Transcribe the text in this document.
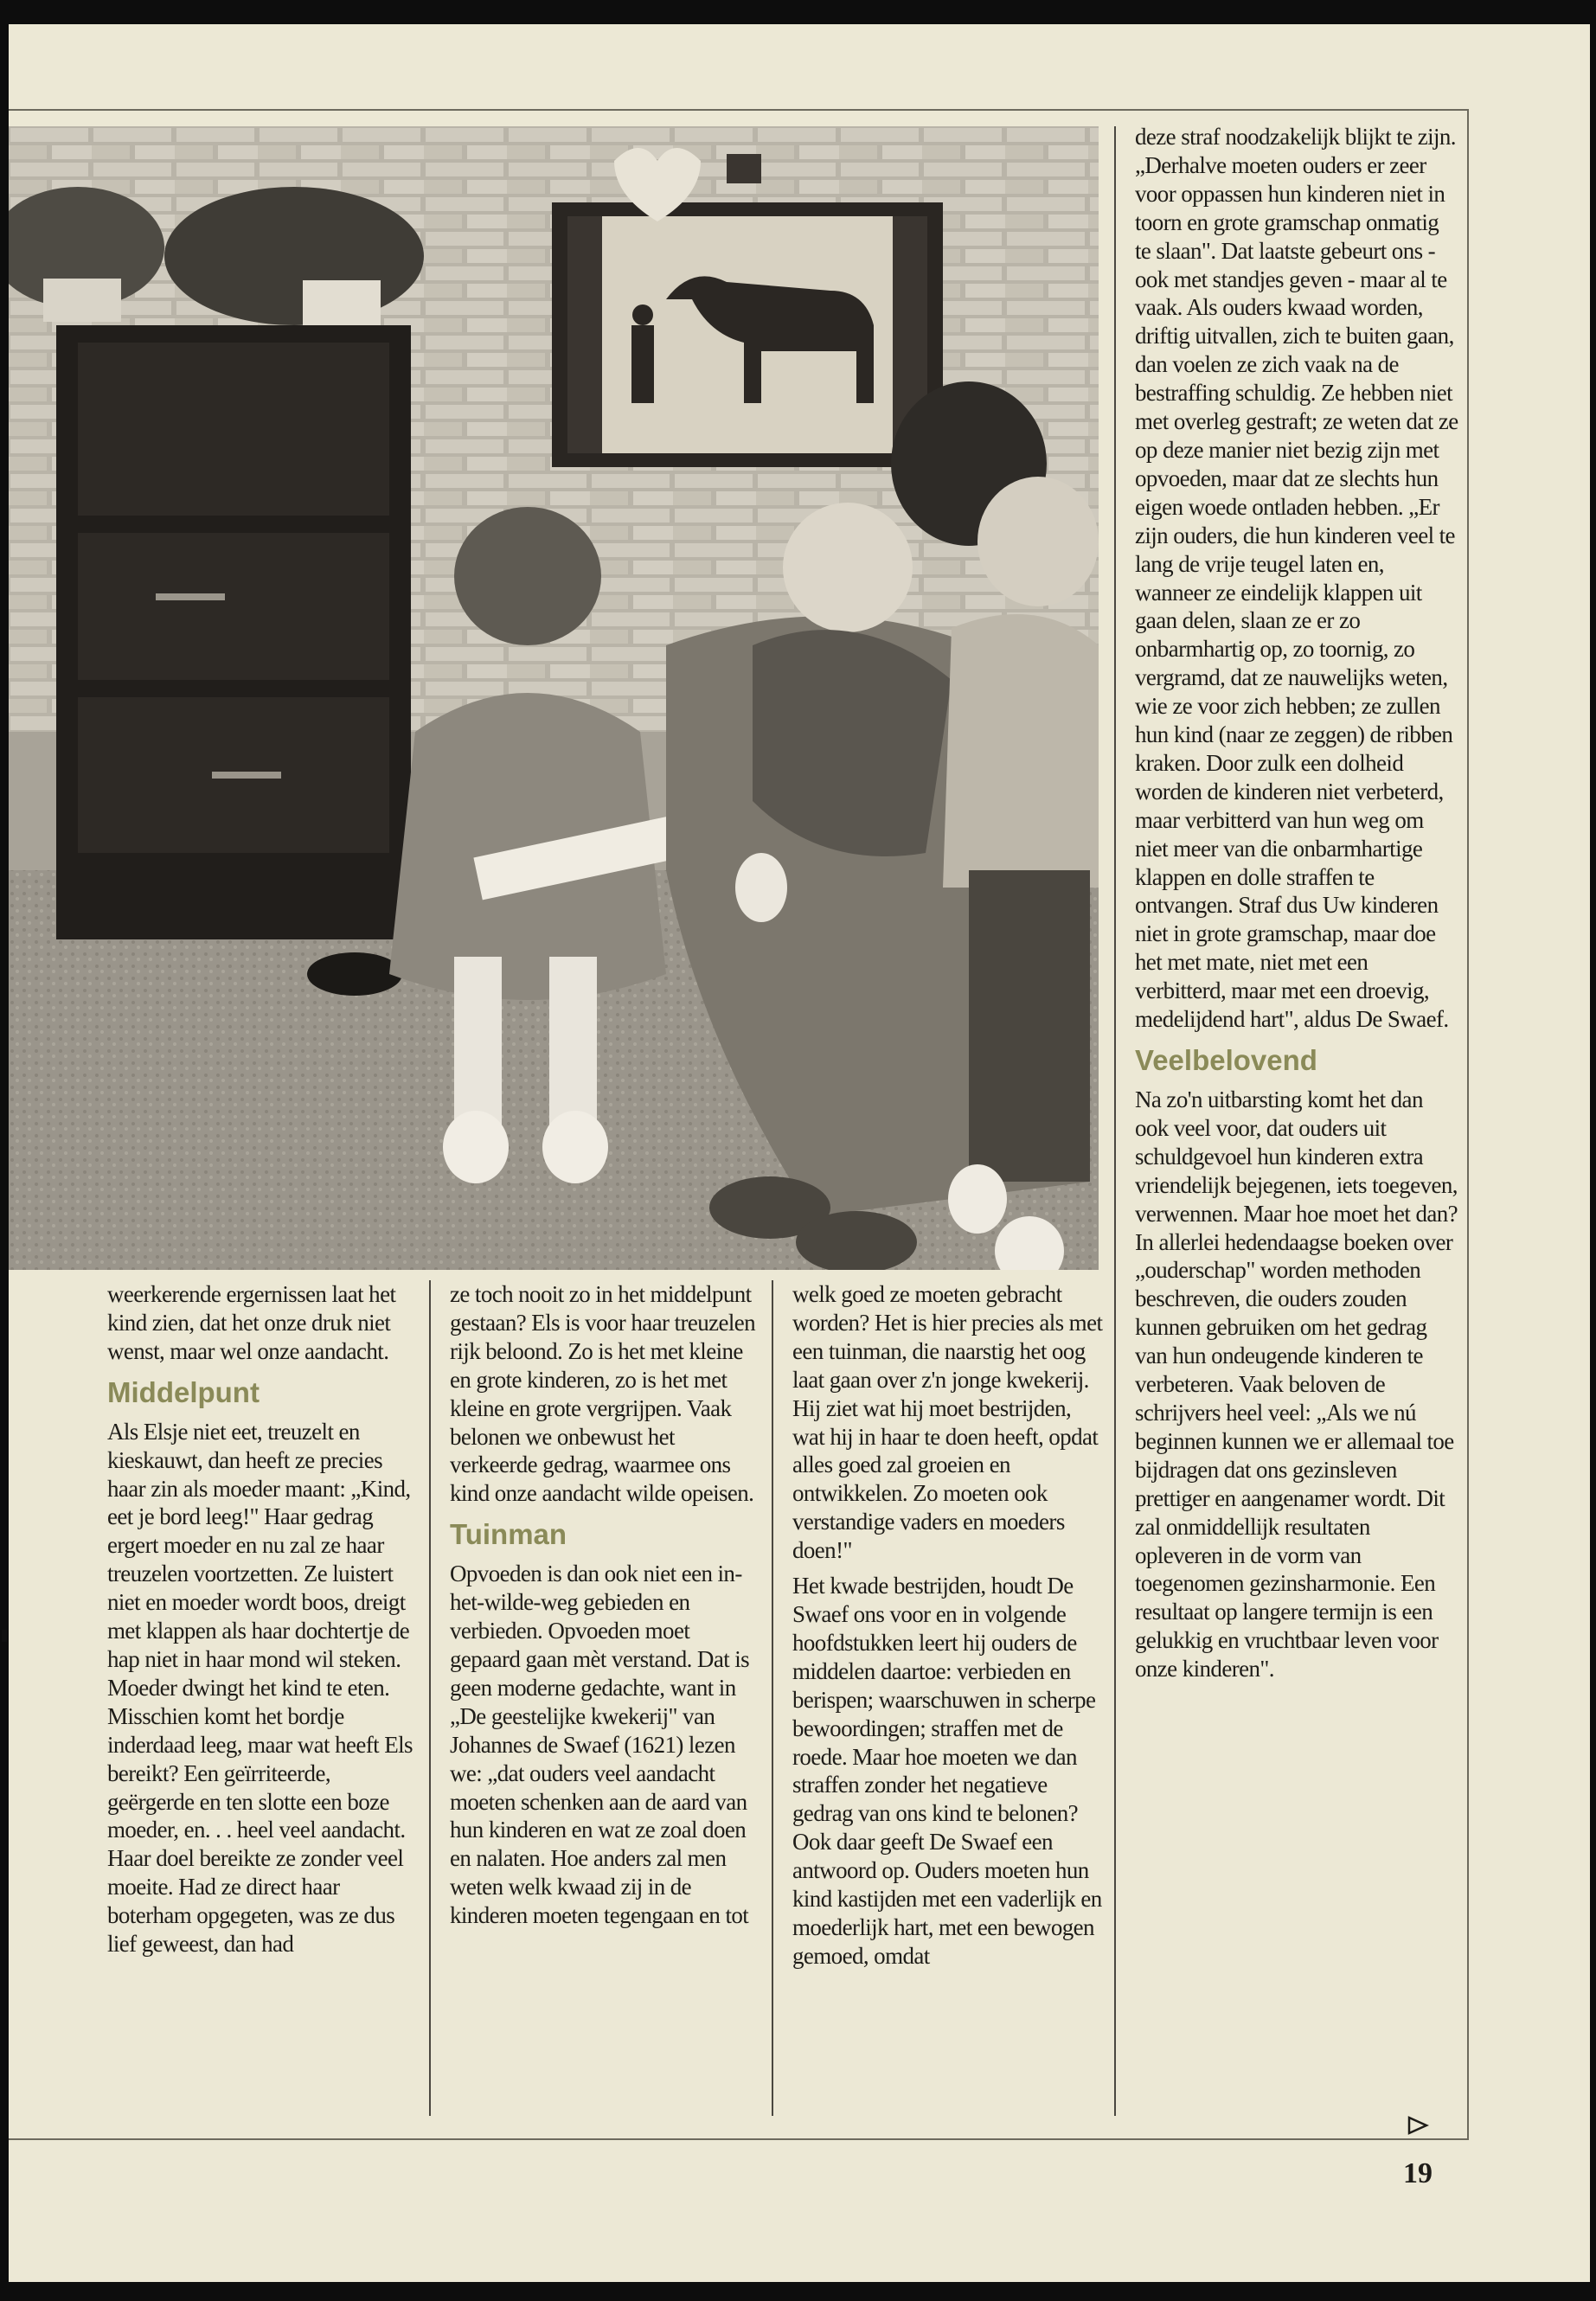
weerkerende ergernissen laat het kind zien, dat het onze druk niet wenst, maar wel onze aandacht.

Middelpunt

Als Elsje niet eet, treuzelt en kieskauwt, dan heeft ze precies haar zin als moeder maant: „Kind, eet je bord leeg!" Haar gedrag ergert moeder en nu zal ze haar treuzelen voortzetten. Ze luistert niet en moeder wordt boos, dreigt met klappen als haar dochtertje de hap niet in haar mond wil steken. Moeder dwingt het kind te eten. Misschien komt het bordje inderdaad leeg, maar wat heeft Els bereikt? Een geïrriteerde, geërgerde en ten slotte een boze moeder, en. . . heel veel aandacht. Haar doel bereikte ze zonder veel moeite. Had ze direct haar boterham opgegeten, was ze dus lief geweest, dan had

ze toch nooit zo in het middelpunt gestaan? Els is voor haar treuzelen rijk beloond. Zo is het met kleine en grote kinderen, zo is het met kleine en grote vergrijpen. Vaak belonen we onbewust het verkeerde gedrag, waarmee ons kind onze aandacht wilde opeisen.

Tuinman

Opvoeden is dan ook niet een in-het-wilde-weg gebieden en verbieden. Opvoeden moet gepaard gaan mèt verstand. Dat is geen moderne gedachte, want in „De geestelijke kwekerij" van Johannes de Swaef (1621) lezen we: „dat ouders veel aandacht moeten schenken aan de aard van hun kinderen en wat ze zoal doen en nalaten. Hoe anders zal men weten welk kwaad zij in de kinderen moeten tegengaan en tot

welk goed ze moeten gebracht worden? Het is hier precies als met een tuinman, die naarstig het oog laat gaan over z'n jonge kwekerij. Hij ziet wat hij moet bestrijden, wat hij in haar te doen heeft, opdat alles goed zal groeien en ontwikkelen. Zo moeten ook verstandige vaders en moeders doen!"

Het kwade bestrijden, houdt De Swaef ons voor en in volgende hoofdstukken leert hij ouders de middelen daartoe: verbieden en berispen; waarschuwen in scherpe bewoordingen; straffen met de roede. Maar hoe moeten we dan straffen zonder het negatieve gedrag van ons kind te belonen? Ook daar geeft De Swaef een antwoord op. Ouders moeten hun kind kastijden met een vaderlijk en moederlijk hart, met een bewogen gemoed, omdat

deze straf noodzakelijk blijkt te zijn. „Derhalve moeten ouders er zeer voor oppassen hun kinderen niet in toorn en grote gramschap onmatig te slaan". Dat laatste gebeurt ons - ook met standjes geven - maar al te vaak. Als ouders kwaad worden, driftig uitvallen, zich te buiten gaan, dan voelen ze zich vaak na de bestraffing schuldig. Ze hebben niet met overleg gestraft; ze weten dat ze op deze manier niet bezig zijn met opvoeden, maar dat ze slechts hun eigen woede ontladen hebben. „Er zijn ouders, die hun kinderen veel te lang de vrije teugel laten en, wanneer ze eindelijk klappen uit gaan delen, slaan ze er zo onbarmhartig op, zo toornig, zo vergramd, dat ze nauwelijks weten, wie ze voor zich hebben; ze zullen hun kind (naar ze zeggen) de ribben kraken. Door zulk een dolheid worden de kinderen niet verbeterd, maar verbitterd van hun weg om niet meer van die onbarmhartige klappen en dolle straffen te ontvangen. Straf dus Uw kinderen niet in grote gramschap, maar doe het met mate, niet met een verbitterd, maar met een droevig, medelijdend hart", aldus De Swaef.

Veelbelovend

Na zo'n uitbarsting komt het dan ook veel voor, dat ouders uit schuldgevoel hun kinderen extra vriendelijk bejegenen, iets toegeven, verwennen. Maar hoe moet het dan? In allerlei hedendaagse boeken over „ouderschap" worden methoden beschreven, die ouders zouden kunnen gebruiken om het gedrag van hun ondeugende kinderen te verbeteren. Vaak beloven de schrijvers heel veel: „Als we nú beginnen kunnen we er allemaal toe bijdragen dat ons gezinsleven prettiger en aangenamer wordt. Dit zal onmiddellijk resultaten opleveren in de vorm van toegenomen gezinsharmonie. Een resultaat op langere termijn is een gelukkig en vruchtbaar leven voor onze kinderen".

19
